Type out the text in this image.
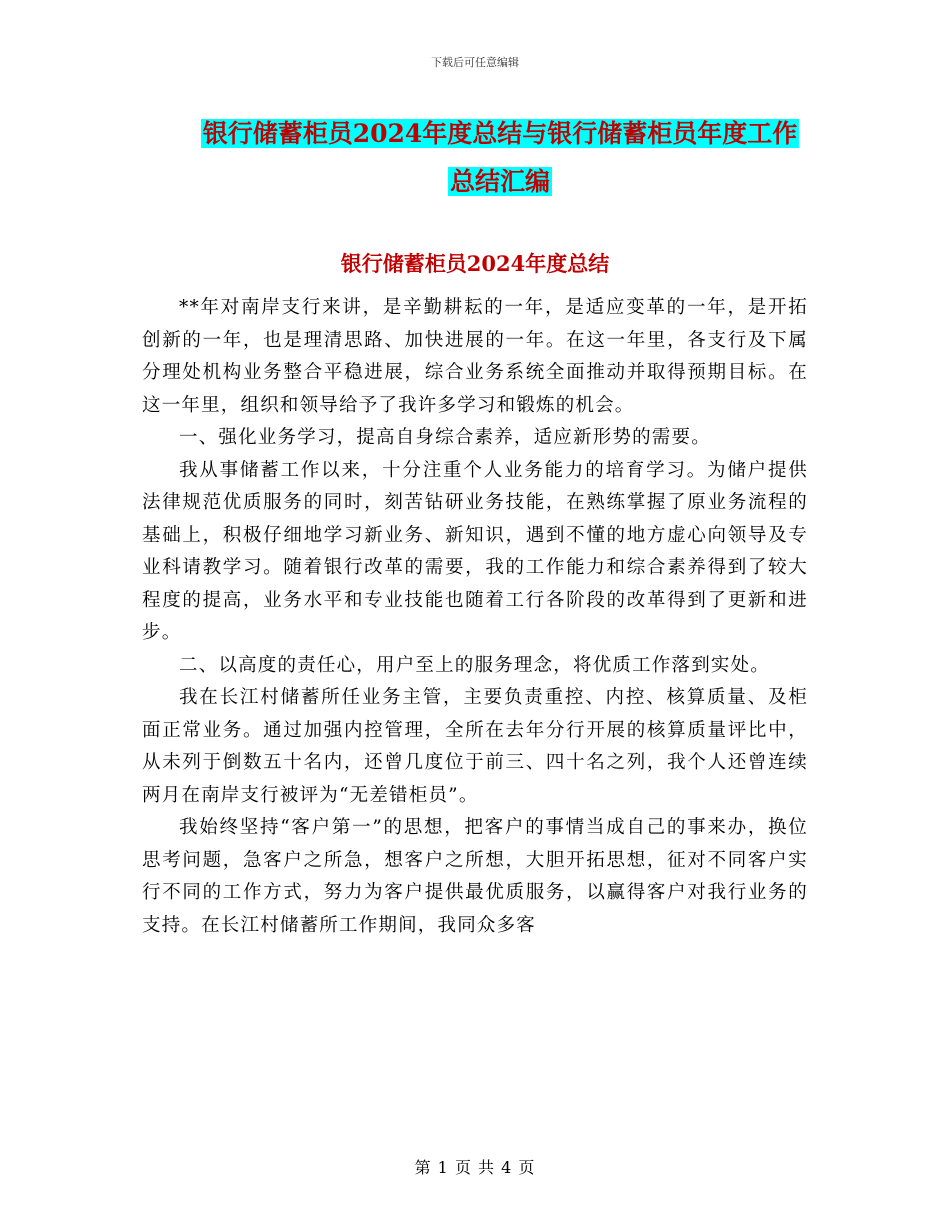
下载后可任意编辑
银行储蓄柜员2024年度总结与银行储蓄柜员年度工作
总结汇编
银行储蓄柜员2024年度总结

**年对南岸支行来讲，是辛勤耕耘的一年，是适应变革的一年，是开拓创新的一年，也是理清思路、加快进展的一年。在这一年里，各支行及下属分理处机构业务整合平稳进展，综合业务系统全面推动并取得预期目标。在这一年里，组织和领导给予了我许多学习和锻炼的机会。

一、强化业务学习，提高自身综合素养，适应新形势的需要。

我从事储蓄工作以来，十分注重个人业务能力的培育学习。为储户提供法律规范优质服务的同时，刻苦钻研业务技能，在熟练掌握了原业务流程的基础上，积极仔细地学习新业务、新知识，遇到不懂的地方虚心向领导及专业科请教学习。随着银行改革的需要，我的工作能力和综合素养得到了较大程度的提高，业务水平和专业技能也随着工行各阶段的改革得到了更新和进步。

二、以高度的责任心，用户至上的服务理念，将优质工作落到实处。

我在长江村储蓄所任业务主管，主要负责重控、内控、核算质量、及柜面正常业务。通过加强内控管理，全所在去年分行开展的核算质量评比中，从未列于倒数五十名内，还曾几度位于前三、四十名之列，我个人还曾连续两月在南岸支行被评为“无差错柜员”。

我始终坚持“客户第一”的思想，把客户的事情当成自己的事来办，换位思考问题，急客户之所急，想客户之所想，大胆开拓思想，征对不同客户实行不同的工作方式，努力为客户提供最优质服务，以赢得客户对我行业务的支持。在长江村储蓄所工作期间，我同众多客

第 1 页 共 4 页
